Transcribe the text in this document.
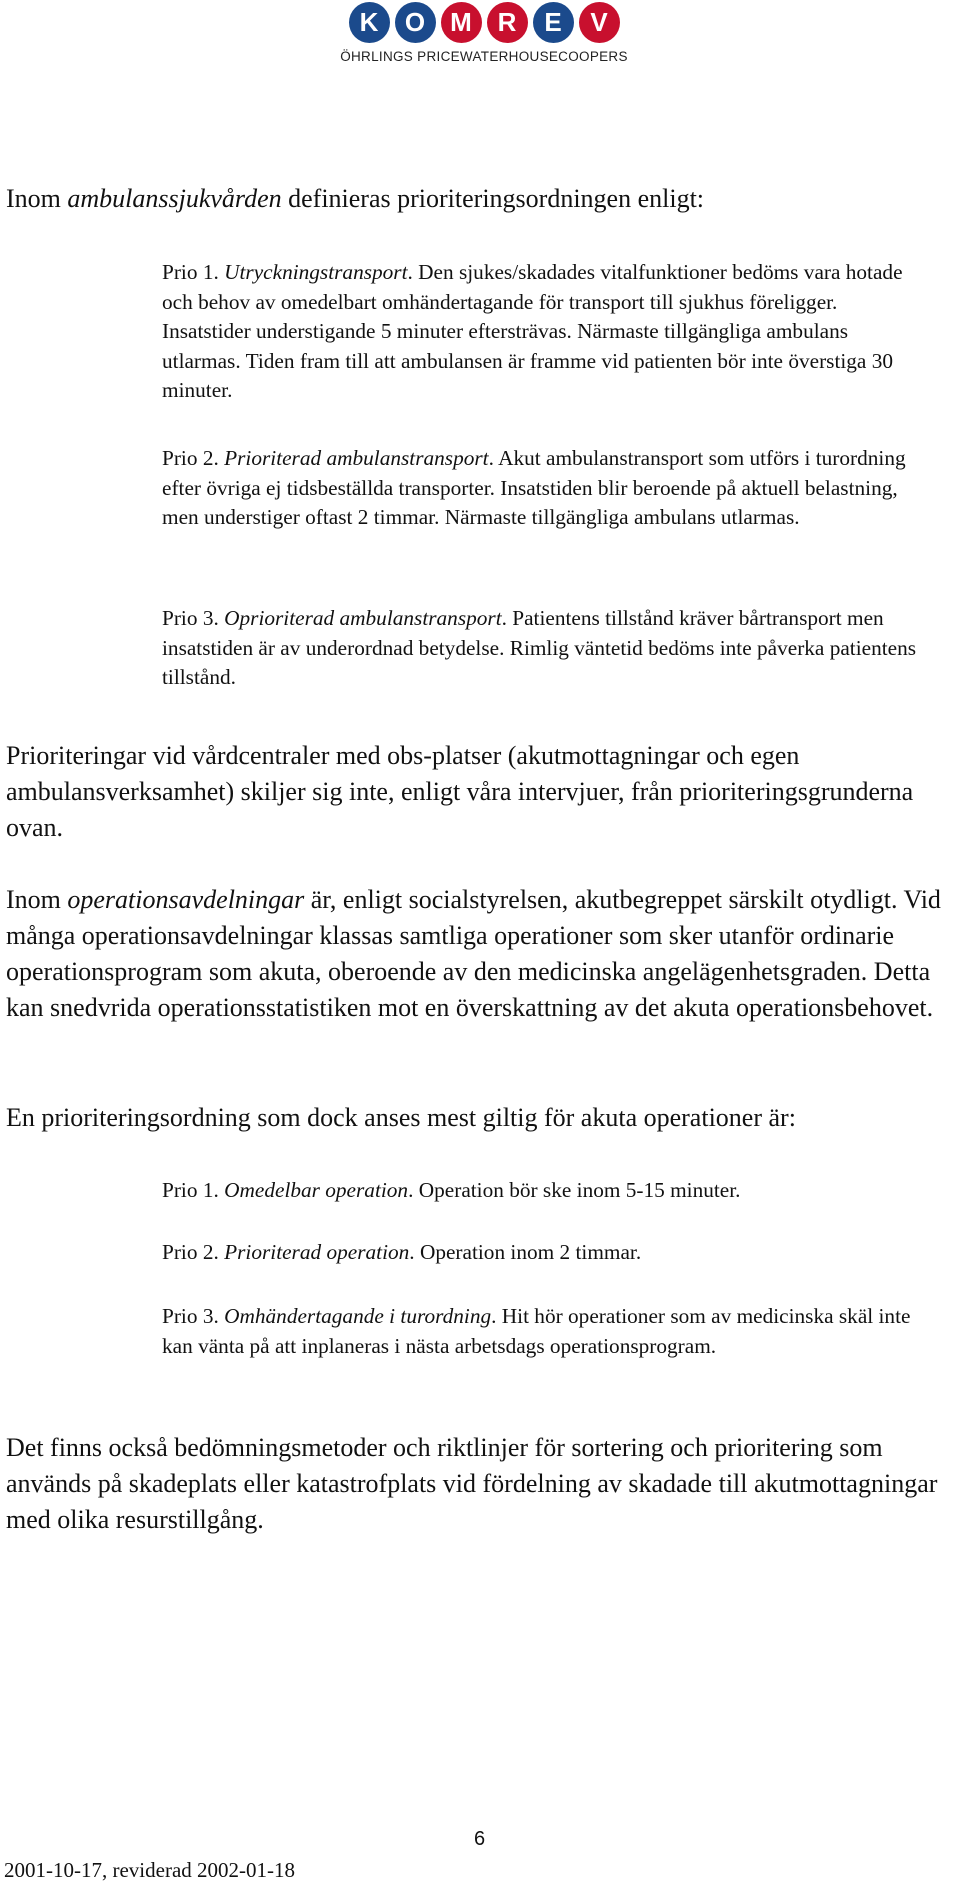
K	O M R	E	V
ÖHRLINGS PRICEWATERHOUSECOOPERS

Inom ambulanssjukvården definieras prioriteringsordningen enligt:

Prio 1. Utryckningstransport. Den sjukes/skadades vitalfunktioner bedöms vara hotade och behov av omedelbart omhändertagande för transport till sjukhus föreligger. Insatstider understigande 5 minuter eftersträvas. Närmaste tillgängliga ambulans utlarmas. Tiden fram till att ambulansen är framme vid patienten bör inte överstiga 30 minuter.

Prio 2. Prioriterad ambulanstransport. Akut ambulanstransport som utförs i turordning efter övriga ej tidsbeställda transporter. Insatstiden blir beroende på aktuell belastning, men understiger oftast 2 timmar. Närmaste tillgängliga ambulans utlarmas.

Prio 3. Oprioriterad ambulanstransport. Patientens tillstånd kräver bårtransport men insatstiden är av underordnad betydelse. Rimlig väntetid bedöms inte påverka patientens tillstånd.

Prioriteringar vid vårdcentraler med obs-platser (akutmottagningar och egen ambulansverksamhet) skiljer sig inte, enligt våra intervjuer, från prioriteringsgrunderna ovan.

Inom operationsavdelningar är, enligt socialstyrelsen, akutbegreppet särskilt otydligt. Vid många operationsavdelningar klassas samtliga operationer som sker utanför ordinarie operationsprogram som akuta, oberoende av den medicinska angelägenhetsgraden. Detta kan snedvrida operationsstatistiken mot en överskattning av det akuta operationsbehovet.

En prioriteringsordning som dock anses mest giltig för akuta operationer är:

Prio 1. Omedelbar operation. Operation bör ske inom 5-15 minuter.

Prio 2. Prioriterad operation. Operation inom 2 timmar.

Prio 3. Omhändertagande i turordning. Hit hör operationer som av medicinska skäl inte kan vänta på att inplaneras i nästa arbetsdags operationsprogram.

Det finns också bedömningsmetoder och riktlinjer för sortering och prioritering som används på skadeplats eller katastrofplats vid fördelning av skadade till akutmottagningar med olika resurstillgång.

6
2001-10-17, reviderad 2002-01-18
